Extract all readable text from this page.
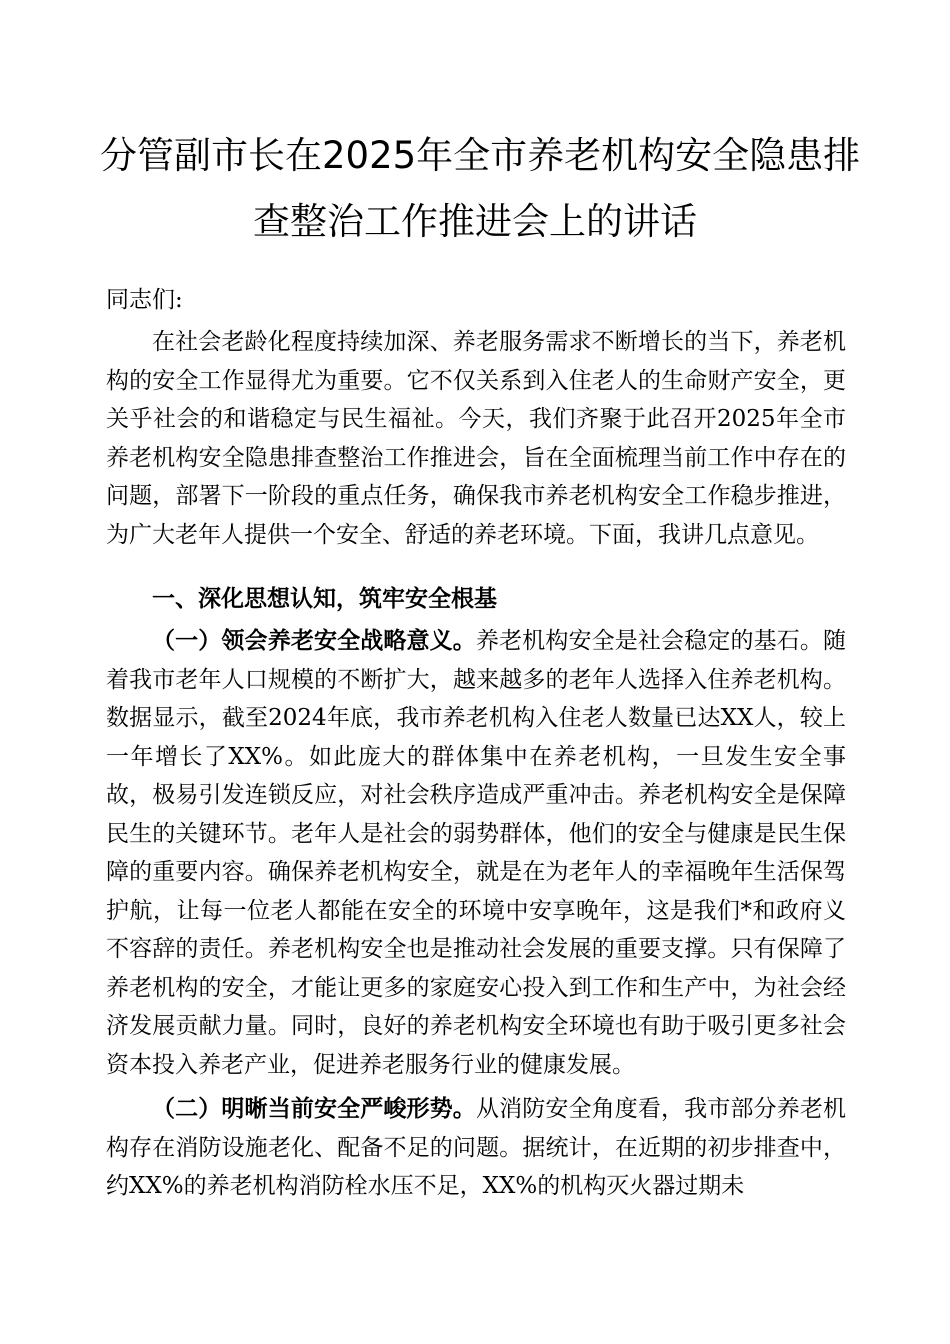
分管副市长在2025年全市养老机构安全隐患排
查整治工作推进会上的讲话
同志们:

在社会老龄化程度持续加深、养老服务需求不断增长的当下，养老机构的安全工作显得尤为重要。它不仅关系到入住老人的生命财产安全，更关乎社会的和谐稳定与民生福祉。今天，我们齐聚于此召开2025年全市养老机构安全隐患排查整治工作推进会，旨在全面梳理当前工作中存在的问题，部署下一阶段的重点任务，确保我市养老机构安全工作稳步推进，为广大老年人提供一个安全、舒适的养老环境。下面，我讲几点意见。

一、深化思想认知，筑牢安全根基

（一）领会养老安全战略意义。养老机构安全是社会稳定的基石。随着我市老年人口规模的不断扩大，越来越多的老年人选择入住养老机构。数据显示，截至2024年底，我市养老机构入住老人数量已达XX人，较上一年增长了XX%。如此庞大的群体集中在养老机构，一旦发生安全事故，极易引发连锁反应，对社会秩序造成严重冲击。养老机构安全是保障民生的关键环节。老年人是社会的弱势群体，他们的安全与健康是民生保障的重要内容。确保养老机构安全，就是在为老年人的幸福晚年生活保驾护航，让每一位老人都能在安全的环境中安享晚年，这是我们*和政府义不容辞的责任。养老机构安全也是推动社会发展的重要支撑。只有保障了养老机构的安全，才能让更多的家庭安心投入到工作和生产中，为社会经济发展贡献力量。同时，良好的养老机构安全环境也有助于吸引更多社会资本投入养老产业，促进养老服务行业的健康发展。

（二）明晰当前安全严峻形势。从消防安全角度看，我市部分养老机构存在消防设施老化、配备不足的问题。据统计，在近期的初步排查中，约XX%的养老机构消防栓水压不足，XX%的机构灭火器过期未
